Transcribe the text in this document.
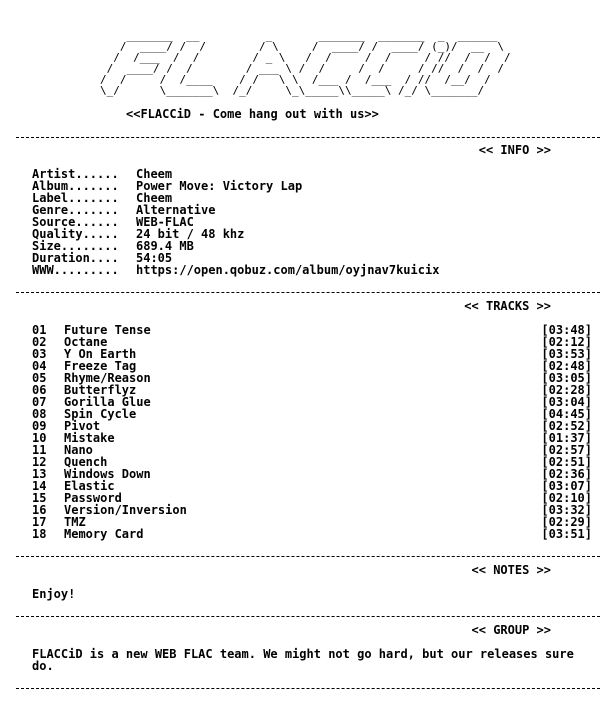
_______  __          _       _______  _______  _  ______
/  ____/ /  /        / \     /  ____/ /  ____/ (_)/  __  \
/  /___  /  /        / _ \   /  /     /  /     / //  /  /  /
/  ____/ /  /        / ___ \ /  /     /  /     / //  /  /  /
/  /     /  /____    / /   \ \  /___ /  /___  / //  /__/  /
\_/      \_______\  /_/     \_\_____\\_____\ /_/ \_______/
<<FLACCiD - Come hang out with us>>
<< INFO >>
Artist...... Cheem
Album....... Power Move: Victory Lap
Label....... Cheem
Genre....... Alternative
Source...... WEB-FLAC
Quality..... 24 bit / 48 khz
Size........ 689.4 MB
Duration.... 54:05
WWW......... https://open.qobuz.com/album/oyjnav7kuicix
<< TRACKS >>
01 Future Tense	[03:48]
02 Octane	[02:12]
03 Y On Earth	[03:53]
04 Freeze Tag	[02:48]
05 Rhyme/Reason	[03:05]
06 Butterflyz	[02:28]
07 Gorilla Glue	[03:04]
08 Spin Cycle	[04:45]
09 Pivot	[02:52]
10 Mistake	[01:37]
11 Nano	[02:57]
12 Quench	[02:51]
13 Windows Down	[02:36]
14 Elastic	[03:07]
15 Password	[02:10]
16 Version/Inversion	[03:32]
17 TMZ	[02:29]
18 Memory Card	[03:51]
<< NOTES >>
Enjoy!
<< GROUP >>
FLACCiD is a new WEB FLAC team. We might not go hard, but our releases sure do.
